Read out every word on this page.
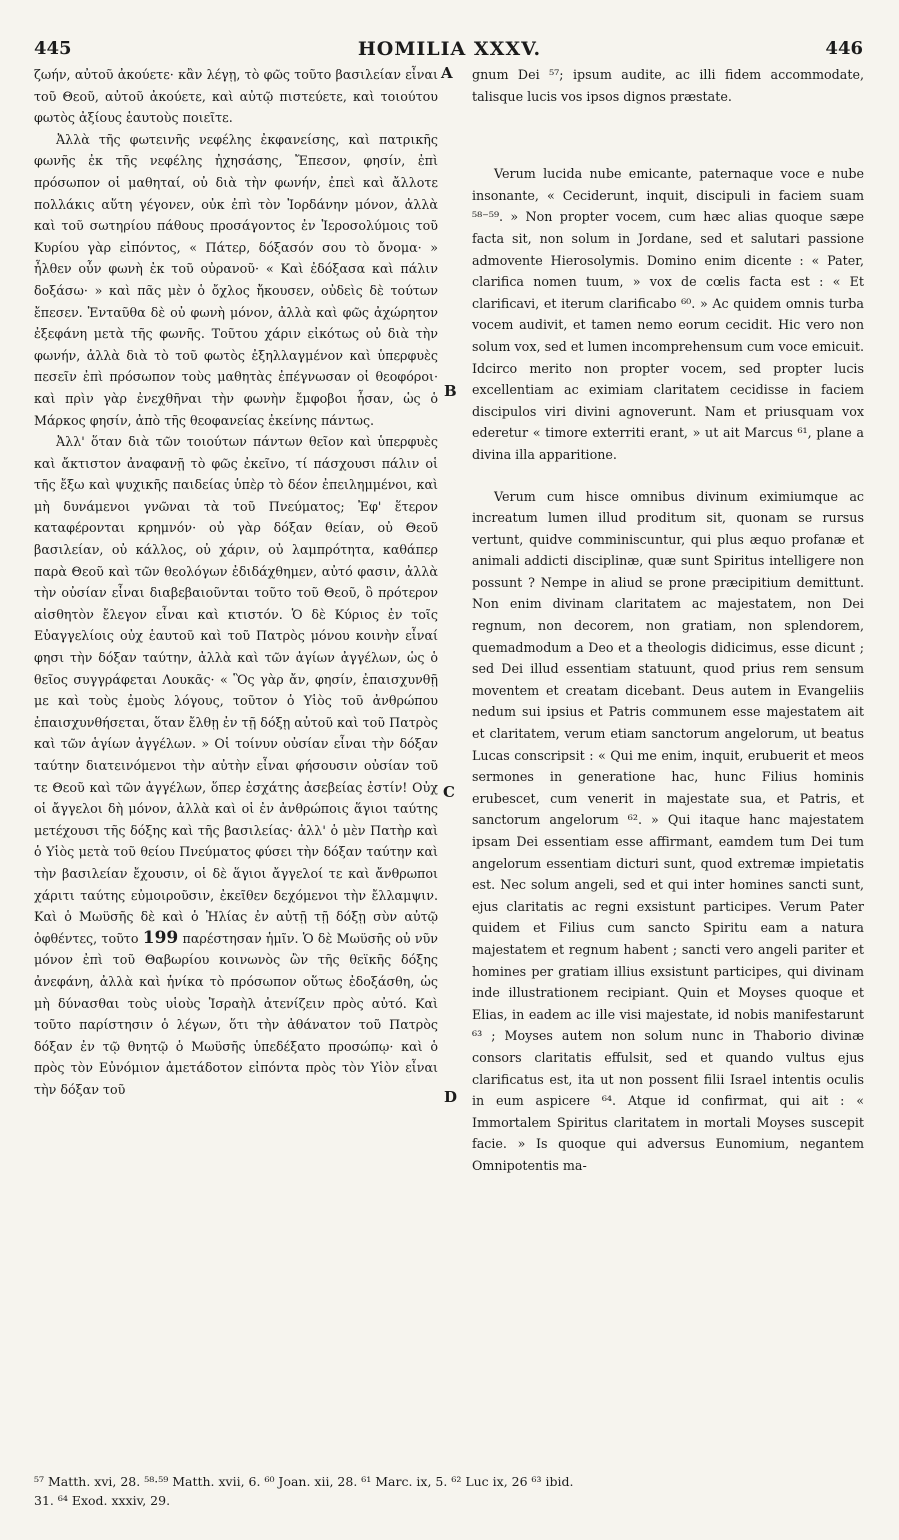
445	HOMILIA XXXV.	446

ζωήν, αὐτοῦ ἀκούετε· κἂν λέγῃ, τὸ φῶς τοῦτο βασιλείαν εἶναι τοῦ Θεοῦ, αὐτοῦ ἀκούετε, καὶ αὐτῷ πιστεύετε, καὶ τοιούτου φωτὸς ἀξίους ἑαυτοὺς ποιεῖτε.

Ἀλλὰ τῆς φωτεινῆς νεφέλης ἐκφανείσης, καὶ πατρικῆς φωνῆς ἐκ τῆς νεφέλης ἠχησάσης, Ἔπεσον, φησίν, ἐπὶ πρόσωπον οἱ μαθηταί, οὐ διὰ τὴν φωνήν, ἐπεὶ καὶ ἄλλοτε πολλάκις αὕτη γέγονεν, οὐκ ἐπὶ τὸν Ἰορδάνην μόνον, ἀλλὰ καὶ τοῦ σωτηρίου πάθους προσάγοντος ἐν Ἱεροσολύμοις τοῦ Κυρίου γὰρ εἰπόντος, « Πάτερ, δόξασόν σου τὸ ὄνομα· » ἦλθεν οὖν φωνὴ ἐκ τοῦ οὐρανοῦ· « Καὶ ἐδόξασα καὶ πάλιν δοξάσω· » καὶ πᾶς μὲν ὁ ὄχλος ἤκουσεν, οὐδεὶς δὲ τούτων ἔπεσεν. Ἐνταῦθα δὲ οὐ φωνὴ μόνον, ἀλλὰ καὶ φῶς ἀχώρητον ἐξεφάνη μετὰ τῆς φωνῆς. Τοῦτου χάριν εἰκότως οὐ διὰ τὴν φωνήν, ἀλλὰ διὰ τὸ τοῦ φωτὸς ἐξηλλαγμένον καὶ ὑπερφυὲς πεσεῖν ἐπὶ πρόσωπον τοὺς μαθητὰς ἐπέγνωσαν οἱ θεοφόροι· καὶ πρὶν γὰρ ἐνεχθῆναι τὴν φωνὴν ἔμφοβοι ἦσαν, ὡς ὁ Μάρκος φησίν, ἀπὸ τῆς θεοφανείας ἐκείνης πάντως.

Ἀλλ' ὅταν διὰ τῶν τοιούτων πάντων θεῖον καὶ ὑπερφυὲς καὶ ἄκτιστον ἀναφανῇ τὸ φῶς ἐκεῖνο, τί πάσχουσι πάλιν οἱ τῆς ἔξω καὶ ψυχικῆς παιδείας ὑπὲρ τὸ δέον ἐπειλημμένοι, καὶ μὴ δυνάμενοι γνῶναι τὰ τοῦ Πνεύματος; Ἐφ' ἕτερον καταφέρονται κρημνόν· οὐ γὰρ δόξαν θείαν, οὐ Θεοῦ βασιλείαν, οὐ κάλλος, οὐ χάριν, οὐ λαμπρότητα, καθάπερ παρὰ Θεοῦ καὶ τῶν θεολόγων ἐδιδάχθημεν, αὐτό φασιν, ἀλλὰ τὴν οὐσίαν εἶναι διαβεβαιοῦνται τοῦτο τοῦ Θεοῦ, ὃ πρότερον αἰσθητὸν ἔλεγον εἶναι καὶ κτιστόν. Ὁ δὲ Κύριος ἐν τοῖς Εὐαγγελίοις οὐχ ἑαυτοῦ καὶ τοῦ Πατρὸς μόνου κοινὴν εἶναί φησι τὴν δόξαν ταύτην, ἀλλὰ καὶ τῶν ἁγίων ἀγγέλων, ὡς ὁ θεῖος συγγράφεται Λουκᾶς· « Ὃς γὰρ ἄν, φησίν, ἐπαισχυνθῇ με καὶ τοὺς ἐμοὺς λόγους, τοῦτον ὁ Υἱὸς τοῦ ἀνθρώπου ἐπαισχυνθήσεται, ὅταν ἔλθῃ ἐν τῇ δόξῃ αὐτοῦ καὶ τοῦ Πατρὸς καὶ τῶν ἁγίων ἀγγέλων. » Οἱ τοίνυν οὐσίαν εἶναι τὴν δόξαν ταύτην διατεινόμενοι τὴν αὐτὴν εἶναι φήσουσιν οὐσίαν τοῦ τε Θεοῦ καὶ τῶν ἀγγέλων, ὅπερ ἐσχάτης ἀσεβείας ἐστίν! Οὐχ οἱ ἄγγελοι δὴ μόνον, ἀλλὰ καὶ οἱ ἐν ἀνθρώποις ἅγιοι ταύτης μετέχουσι τῆς δόξης καὶ τῆς βασιλείας· ἀλλ' ὁ μὲν Πατὴρ καὶ ὁ Υἱὸς μετὰ τοῦ θείου Πνεύματος φύσει τὴν δόξαν ταύτην καὶ τὴν βασιλείαν ἔχουσιν, οἱ δὲ ἅγιοι ἄγγελοί τε καὶ ἄνθρωποι χάριτι ταύτης εὐμοιροῦσιν, ἐκεῖθεν δεχόμενοι τὴν ἔλλαμψιν. Καὶ ὁ Μωϋσῆς δὲ καὶ ὁ Ἠλίας ἐν αὐτῇ τῇ δόξῃ σὺν αὐτῷ ὀφθέντες, τοῦτο 199 παρέστησαν ἡμῖν. Ὁ δὲ Μωϋσῆς οὐ νῦν μόνον ἐπὶ τοῦ Θαβωρίου κοινωνὸς ὢν τῆς θεϊκῆς δόξης ἀνεφάνη, ἀλλὰ καὶ ἡνίκα τὸ πρόσωπον οὕτως ἐδοξάσθη, ὡς μὴ δύνασθαι τοὺς υἱοὺς Ἰσραὴλ ἀτενίζειν πρὸς αὐτό. Καὶ τοῦτο παρίστησιν ὁ λέγων, ὅτι τὴν ἀθάνατον τοῦ Πατρὸς δόξαν ἐν τῷ θνητῷ ὁ Μωϋσῆς ὑπεδέξατο προσώπῳ· καὶ ὁ πρὸς τὸν Εὐνόμιον ἀμετάδοτον εἰπόντα πρὸς τὸν Υἱὸν εἶναι τὴν δόξαν τοῦ

A
B
C
D

gnum Dei ⁵⁷; ipsum audite, ac illi fidem accommodate, talisque lucis vos ipsos dignos præstate.

Verum lucida nube emicante, paternaque voce e nube insonante, « Ceciderunt, inquit, discipuli in faciem suam ⁵⁸⁻⁵⁹. » Non propter vocem, cum hæc alias quoque sæpe facta sit, non solum in Jordane, sed et salutari passione admovente Hierosolymis. Domino enim dicente : « Pater, clarifica nomen tuum, » vox de cœlis facta est : « Et clarificavi, et iterum clarificabo ⁶⁰. » Ac quidem omnis turba vocem audivit, et tamen nemo eorum cecidit. Hic vero non solum vox, sed et lumen incomprehensum cum voce emicuit. Idcirco merito non propter vocem, sed propter lucis excellentiam ac eximiam claritatem cecidisse in faciem discipulos viri divini agnoverunt. Nam et priusquam vox ederetur « timore exterriti erant, » ut ait Marcus ⁶¹, plane a divina illa apparitione.

Verum cum hisce omnibus divinum eximiumque ac increatum lumen illud proditum sit, quonam se rursus vertunt, quidve comminiscuntur, qui plus æquo profanæ et animali addicti disciplinæ, quæ sunt Spiritus intelligere non possunt ? Nempe in aliud se prone præcipitium demittunt. Non enim divinam claritatem ac majestatem, non Dei regnum, non decorem, non gratiam, non splendorem, quemadmodum a Deo et a theologis didicimus, esse dicunt ; sed Dei illud essentiam statuunt, quod prius rem sensum moventem et creatam dicebant. Deus autem in Evangeliis nedum sui ipsius et Patris communem esse majestatem ait et claritatem, verum etiam sanctorum angelorum, ut beatus Lucas conscripsit : « Qui me enim, inquit, erubuerit et meos sermones in generatione hac, hunc Filius hominis erubescet, cum venerit in majestate sua, et Patris, et sanctorum angelorum ⁶². » Qui itaque hanc majestatem ipsam Dei essentiam esse affirmant, eamdem tum Dei tum angelorum essentiam dicturi sunt, quod extremæ impietatis est. Nec solum angeli, sed et qui inter homines sancti sunt, ejus claritatis ac regni exsistunt participes. Verum Pater quidem et Filius cum sancto Spiritu eam a natura majestatem et regnum habent ; sancti vero angeli pariter et homines per gratiam illius exsistunt participes, qui divinam inde illustrationem recipiant. Quin et Moyses quoque et Elias, in eadem ac ille visi majestate, id nobis manifestarunt ⁶³ ; Moyses autem non solum nunc in Thaborio divinæ consors claritatis effulsit, sed et quando vultus ejus clarificatus est, ita ut non possent filii Israel intentis oculis in eum aspicere ⁶⁴. Atque id confirmat, qui ait : « Immortalem Spiritus claritatem in mortali Moyses suscepit facie. » Is quoque qui adversus Eunomium, negantem Omnipotentis ma-

⁵⁷ Matth. xvi, 28. ⁵⁸·⁵⁹ Matth. xvii, 6. ⁶⁰ Joan. xii, 28. ⁶¹ Marc. ix, 5. ⁶² Luc ix, 26 ⁶³ ibid.
31. ⁶⁴ Exod. xxxiv, 29.
